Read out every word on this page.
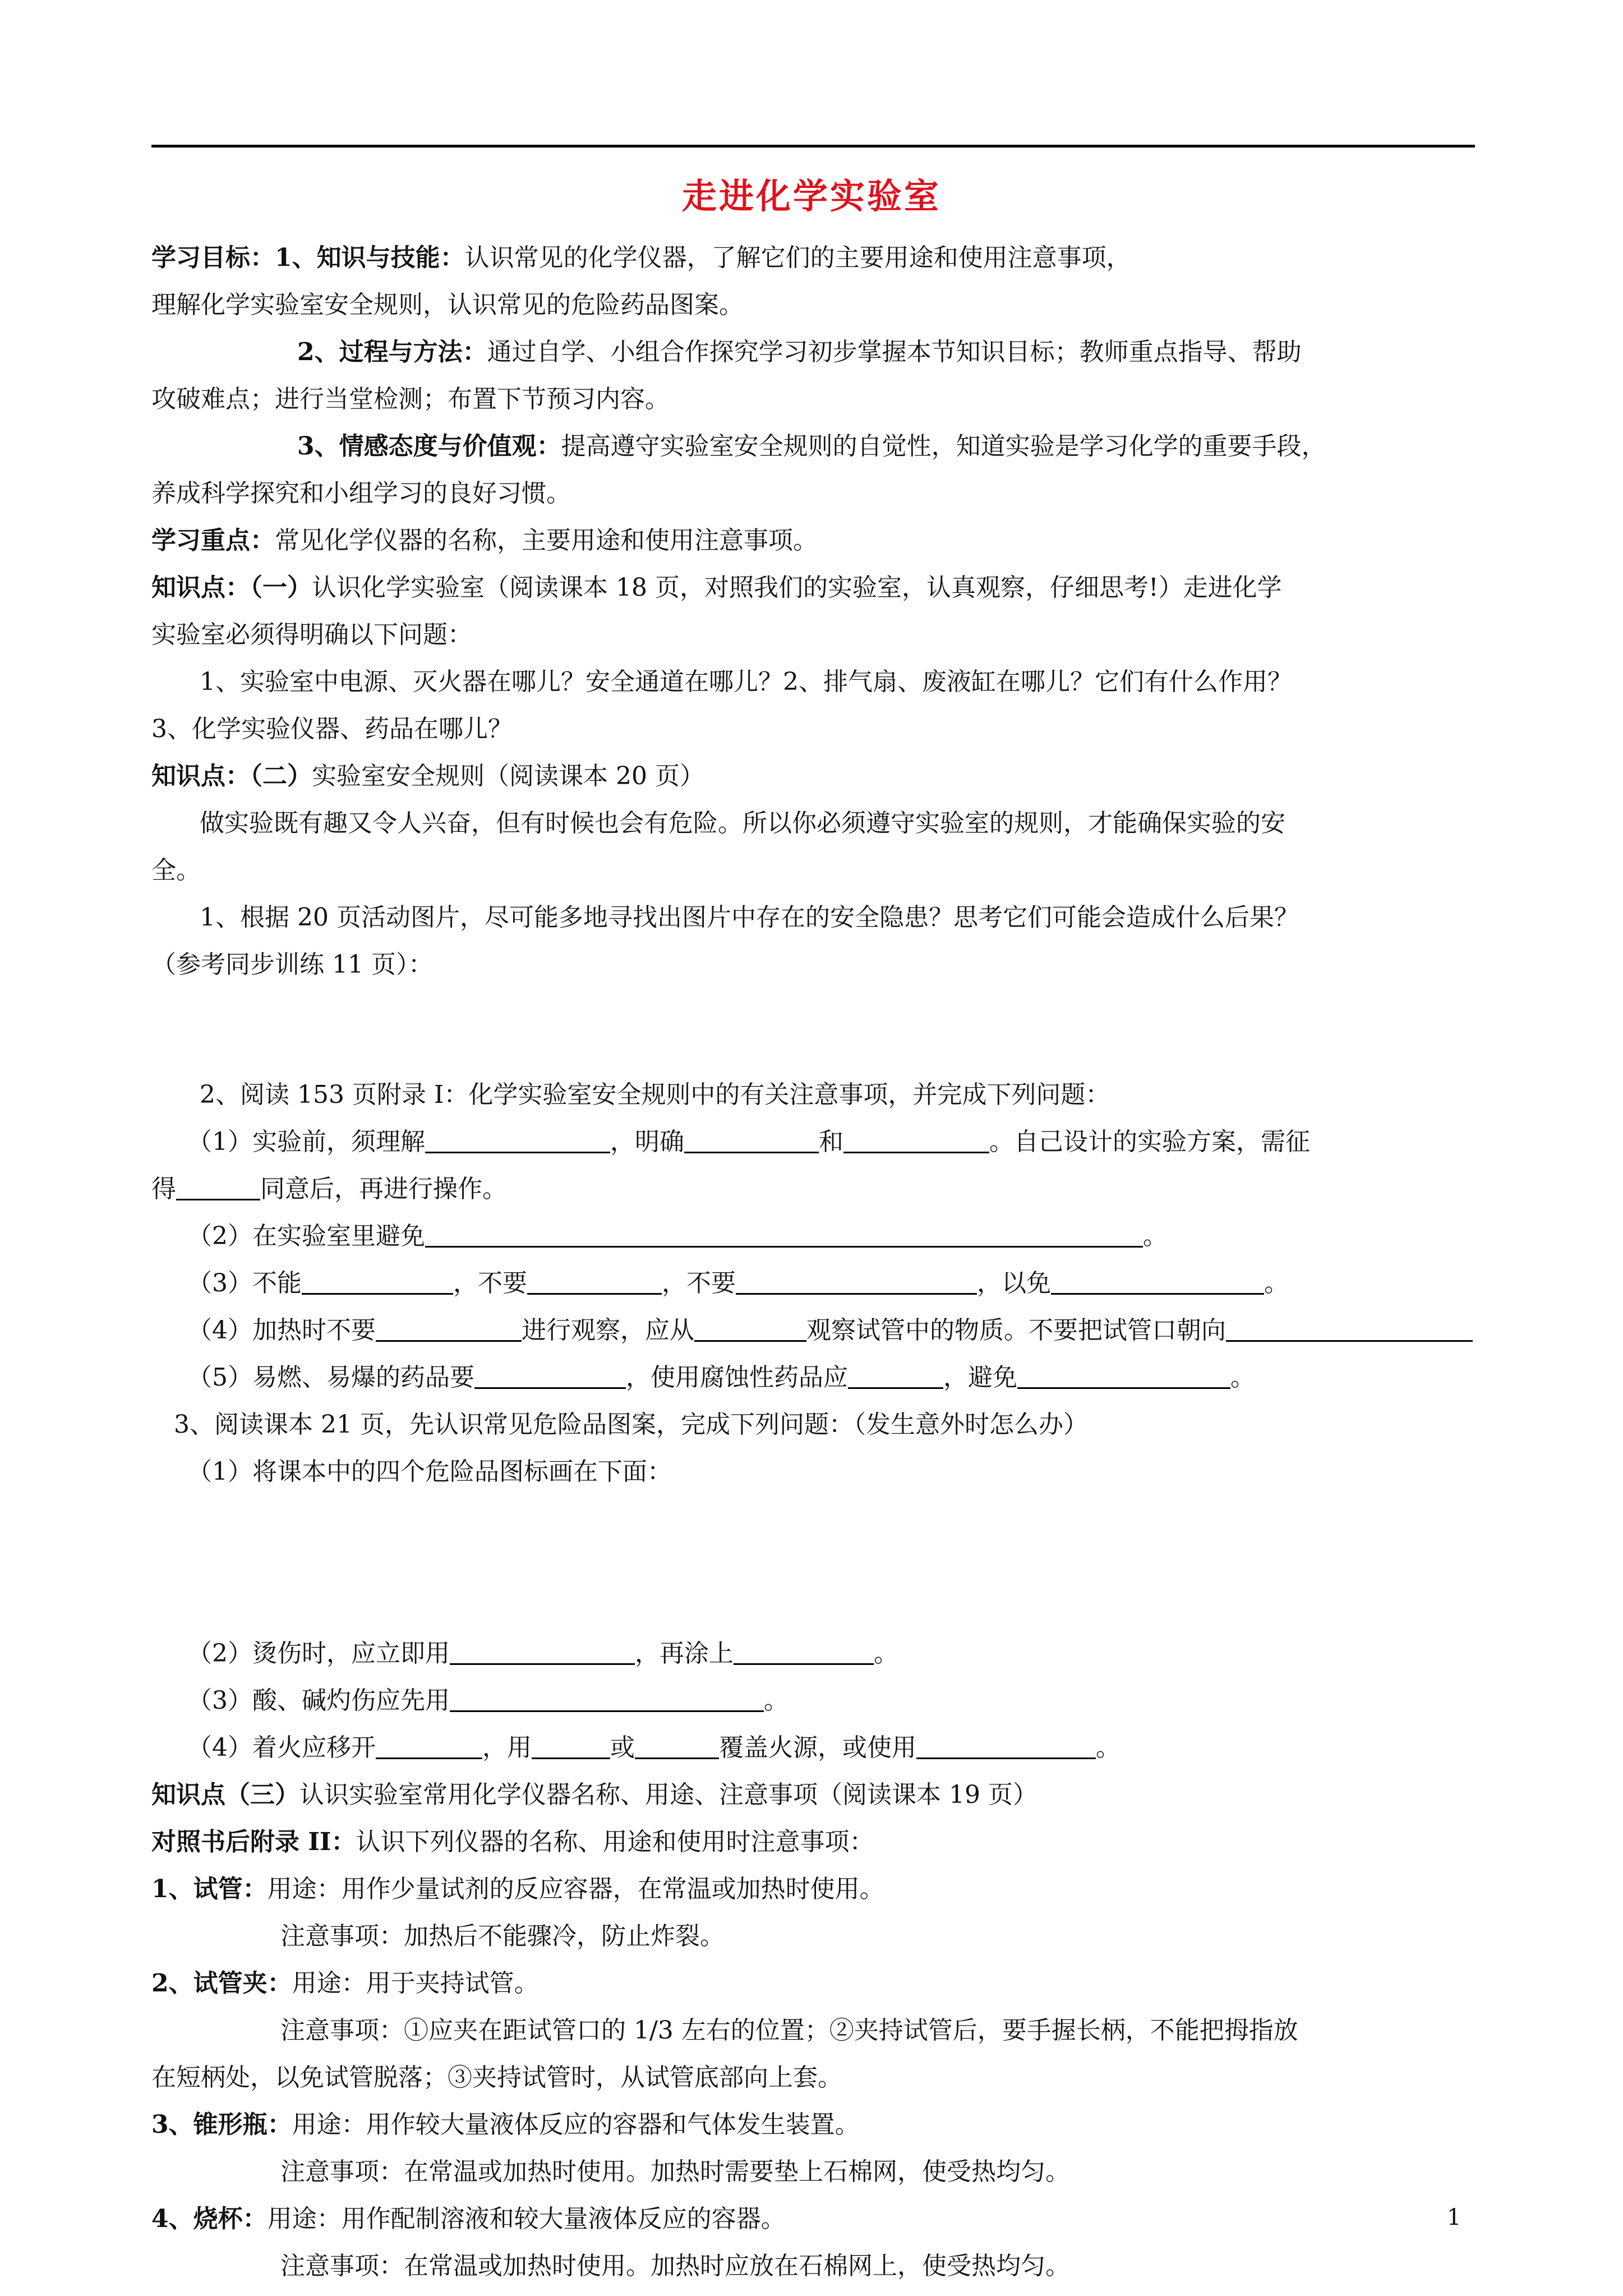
走进化学实验室
学习目标：1、知识与技能：认识常见的化学仪器，了解它们的主要用途和使用注意事项，
理解化学实验室安全规则，认识常见的危险药品图案。
2、过程与方法：通过自学、小组合作探究学习初步掌握本节知识目标；教师重点指导、帮助
攻破难点；进行当堂检测；布置下节预习内容。
3、情感态度与价值观：提高遵守实验室安全规则的自觉性，知道实验是学习化学的重要手段，
养成科学探究和小组学习的良好习惯。
学习重点：常见化学仪器的名称，主要用途和使用注意事项。
知识点：（一）认识化学实验室（阅读课本 18 页，对照我们的实验室，认真观察，仔细思考!）走进化学
实验室必须得明确以下问题：
1、实验室中电源、灭火器在哪儿？安全通道在哪儿？2、排气扇、废液缸在哪儿？它们有什么作用？
3、化学实验仪器、药品在哪儿？
知识点：（二）实验室安全规则（阅读课本 20 页）
做实验既有趣又令人兴奋，但有时候也会有危险。所以你必须遵守实验室的规则，才能确保实验的安
全。
1、根据 20 页活动图片，尽可能多地寻找出图片中存在的安全隐患？思考它们可能会造成什么后果？
（参考同步训练 11 页）：
2、阅读 153 页附录 I：化学实验室安全规则中的有关注意事项，并完成下列问题：
（1）实验前，须理解	，明确	和	。自己设计的实验方案，需征
得	同意后，再进行操作。
（2）在实验室里避免	。
（3）不能	，不要	，不要	，以免	。
（4）加热时不要	进行观察，应从	观察试管中的物质。不要把试管口朝向
（5）易燃、易爆的药品要	，使用腐蚀性药品应	，避免	。
3、阅读课本 21 页，先认识常见危险品图案，完成下列问题：（发生意外时怎么办）
（1）将课本中的四个危险品图标画在下面：
（2）烫伤时，应立即用	，再涂上	。
（3）酸、碱灼伤应先用	。
（4）着火应移开	，用	或	覆盖火源，或使用	。
知识点（三）认识实验室常用化学仪器名称、用途、注意事项（阅读课本 19 页）
对照书后附录 II：认识下列仪器的名称、用途和使用时注意事项：
1、试管：用途：用作少量试剂的反应容器，在常温或加热时使用。
注意事项：加热后不能骤冷，防止炸裂。
2、试管夹：用途：用于夹持试管。
注意事项：①应夹在距试管口的 1/3 左右的位置；②夹持试管后，要手握长柄，不能把拇指放
在短柄处，以免试管脱落；③夹持试管时，从试管底部向上套。
3、锥形瓶：用途：用作较大量液体反应的容器和气体发生装置。
注意事项：在常温或加热时使用。加热时需要垫上石棉网，使受热均匀。
4、烧杯：用途：用作配制溶液和较大量液体反应的容器。
注意事项：在常温或加热时使用。加热时应放在石棉网上，使受热均匀。
1
